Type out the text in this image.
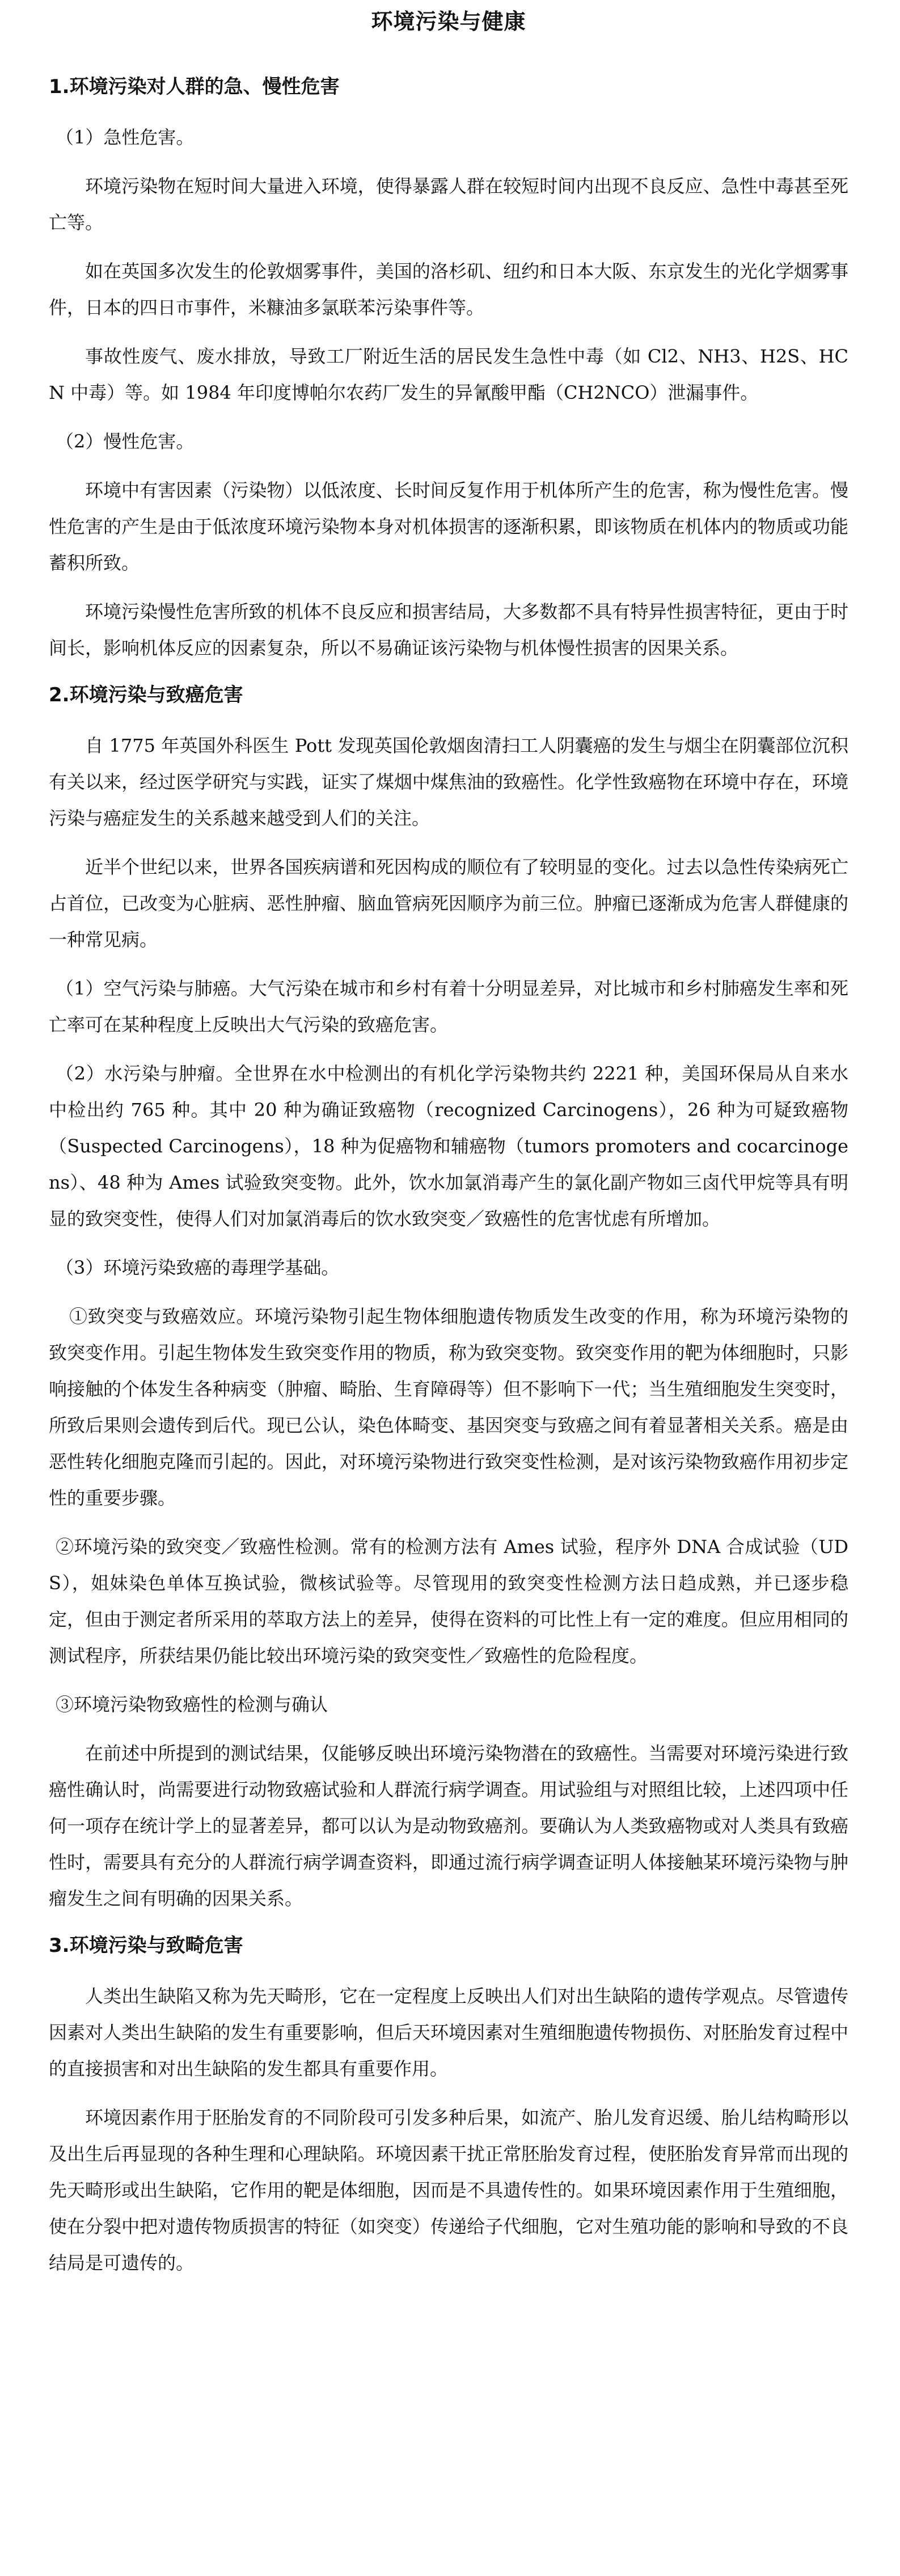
环境污染与健康
1.环境污染对人群的急、慢性危害
（1）急性危害。
环境污染物在短时间大量进入环境，使得暴露人群在较短时间内出现不良反应、急性中毒甚至死亡等。
如在英国多次发生的伦敦烟雾事件，美国的洛杉矶、纽约和日本大阪、东京发生的光化学烟雾事件，日本的四日市事件，米糠油多氯联苯污染事件等。
事故性废气、废水排放，导致工厂附近生活的居民发生急性中毒（如 Cl2、NH3、H2S、HCN 中毒）等。如 1984 年印度博帕尔农药厂发生的异氰酸甲酯（CH2NCO）泄漏事件。
（2）慢性危害。
环境中有害因素（污染物）以低浓度、长时间反复作用于机体所产生的危害，称为慢性危害。慢性危害的产生是由于低浓度环境污染物本身对机体损害的逐渐积累，即该物质在机体内的物质或功能蓄积所致。
环境污染慢性危害所致的机体不良反应和损害结局，大多数都不具有特异性损害特征，更由于时间长，影响机体反应的因素复杂，所以不易确证该污染物与机体慢性损害的因果关系。
2.环境污染与致癌危害
自 1775 年英国外科医生 Pott 发现英国伦敦烟囱清扫工人阴囊癌的发生与烟尘在阴囊部位沉积有关以来，经过医学研究与实践，证实了煤烟中煤焦油的致癌性。化学性致癌物在环境中存在，环境污染与癌症发生的关系越来越受到人们的关注。
近半个世纪以来，世界各国疾病谱和死因构成的顺位有了较明显的变化。过去以急性传染病死亡占首位，已改变为心脏病、恶性肿瘤、脑血管病死因顺序为前三位。肿瘤已逐渐成为危害人群健康的一种常见病。
（1）空气污染与肺癌。大气污染在城市和乡村有着十分明显差异，对比城市和乡村肺癌发生率和死亡率可在某种程度上反映出大气污染的致癌危害。
（2）水污染与肿瘤。全世界在水中检测出的有机化学污染物共约 2221 种，美国环保局从自来水中检出约 765 种。其中 20 种为确证致癌物（recognized Carcinogens），26 种为可疑致癌物（Suspected Carcinogens），18 种为促癌物和辅癌物（tumors promoters and cocarcinogens）、48 种为 Ames 试验致突变物。此外，饮水加氯消毒产生的氯化副产物如三卤代甲烷等具有明显的致突变性，使得人们对加氯消毒后的饮水致突变／致癌性的危害忧虑有所增加。
（3）环境污染致癌的毒理学基础。
①致突变与致癌效应。环境污染物引起生物体细胞遗传物质发生改变的作用，称为环境污染物的致突变作用。引起生物体发生致突变作用的物质，称为致突变物。致突变作用的靶为体细胞时，只影响接触的个体发生各种病变（肿瘤、畸胎、生育障碍等）但不影响下一代；当生殖细胞发生突变时，所致后果则会遗传到后代。现已公认，染色体畸变、基因突变与致癌之间有着显著相关关系。癌是由恶性转化细胞克隆而引起的。因此，对环境污染物进行致突变性检测，是对该污染物致癌作用初步定性的重要步骤。
②环境污染的致突变／致癌性检测。常有的检测方法有 Ames 试验，程序外 DNA 合成试验（UDS），姐妹染色单体互换试验，微核试验等。尽管现用的致突变性检测方法日趋成熟，并已逐步稳定，但由于测定者所采用的萃取方法上的差异，使得在资料的可比性上有一定的难度。但应用相同的测试程序，所获结果仍能比较出环境污染的致突变性／致癌性的危险程度。
③环境污染物致癌性的检测与确认
在前述中所提到的测试结果，仅能够反映出环境污染物潜在的致癌性。当需要对环境污染进行致癌性确认时，尚需要进行动物致癌试验和人群流行病学调查。用试验组与对照组比较，上述四项中任何一项存在统计学上的显著差异，都可以认为是动物致癌剂。要确认为人类致癌物或对人类具有致癌性时，需要具有充分的人群流行病学调查资料，即通过流行病学调查证明人体接触某环境污染物与肿瘤发生之间有明确的因果关系。
3.环境污染与致畸危害
人类出生缺陷又称为先天畸形，它在一定程度上反映出人们对出生缺陷的遗传学观点。尽管遗传因素对人类出生缺陷的发生有重要影响，但后天环境因素对生殖细胞遗传物损伤、对胚胎发育过程中的直接损害和对出生缺陷的发生都具有重要作用。
环境因素作用于胚胎发育的不同阶段可引发多种后果，如流产、胎儿发育迟缓、胎儿结构畸形以及出生后再显现的各种生理和心理缺陷。环境因素干扰正常胚胎发育过程，使胚胎发育异常而出现的先天畸形或出生缺陷，它作用的靶是体细胞，因而是不具遗传性的。如果环境因素作用于生殖细胞，使在分裂中把对遗传物质损害的特征（如突变）传递给子代细胞，它对生殖功能的影响和导致的不良结局是可遗传的。
